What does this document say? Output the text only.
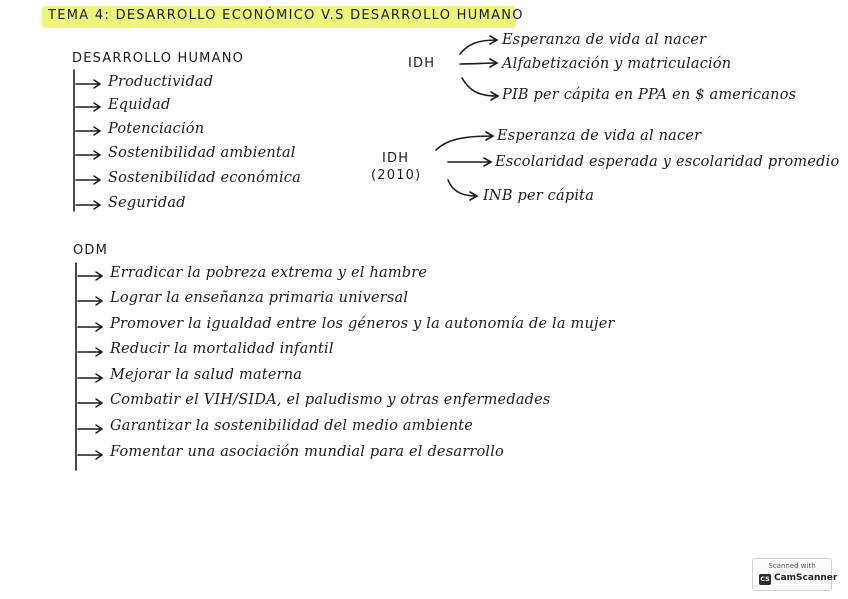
TEMA 4: DESARROLLO ECONÓMICO V.S DESARROLLO HUMANO
DESARROLLO HUMANO
Productividad
Equidad
Potenciación
Sostenibilidad ambiental
Sostenibilidad económica
Seguridad
IDH
Esperanza de vida al nacer
Alfabetización y matriculación
PIB per cápita en PPA en $ americanos
IDH
(2010)
Esperanza de vida al nacer
Escolaridad esperada y escolaridad promedio
INB per cápita
ODM
Erradicar la pobreza extrema y el hambre
Lograr la enseñanza primaria universal
Promover la igualdad entre los géneros y la autonomía de la mujer
Reducir la mortalidad infantil
Mejorar la salud materna
Combatir el VIH/SIDA, el paludismo y otras enfermedades
Garantizar la sostenibilidad del medio ambiente
Fomentar una asociación mundial para el desarrollo
Scanned with
CS CamScanner
